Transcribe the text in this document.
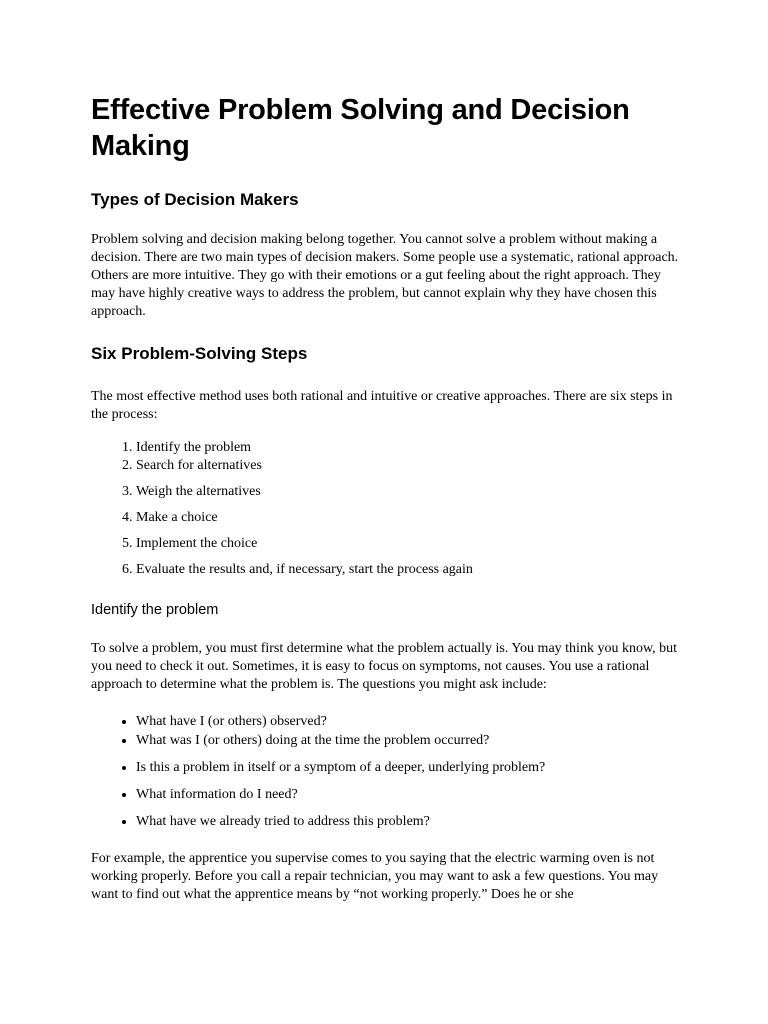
Effective Problem Solving and Decision Making
Types of Decision Makers

Problem solving and decision making belong together. You cannot solve a problem without making a decision. There are two main types of decision makers. Some people use a systematic, rational approach. Others are more intuitive. They go with their emotions or a gut feeling about the right approach. They may have highly creative ways to address the problem, but cannot explain why they have chosen this approach.

Six Problem-Solving Steps

The most effective method uses both rational and intuitive or creative approaches. There are six steps in the process:

1. Identify the problem
2. Search for alternatives
3. Weigh the alternatives
4. Make a choice
5. Implement the choice
6. Evaluate the results and, if necessary, start the process again
Identify the problem

To solve a problem, you must first determine what the problem actually is. You may think you know, but you need to check it out. Sometimes, it is easy to focus on symptoms, not causes. You use a rational approach to determine what the problem is. The questions you might ask include:

• What have I (or others) observed?
• What was I (or others) doing at the time the problem occurred?
• Is this a problem in itself or a symptom of a deeper, underlying problem?
• What information do I need?
• What have we already tried to address this problem?

For example, the apprentice you supervise comes to you saying that the electric warming oven is not working properly. Before you call a repair technician, you may want to ask a few questions. You may want to find out what the apprentice means by “not working properly.” Does he or she
